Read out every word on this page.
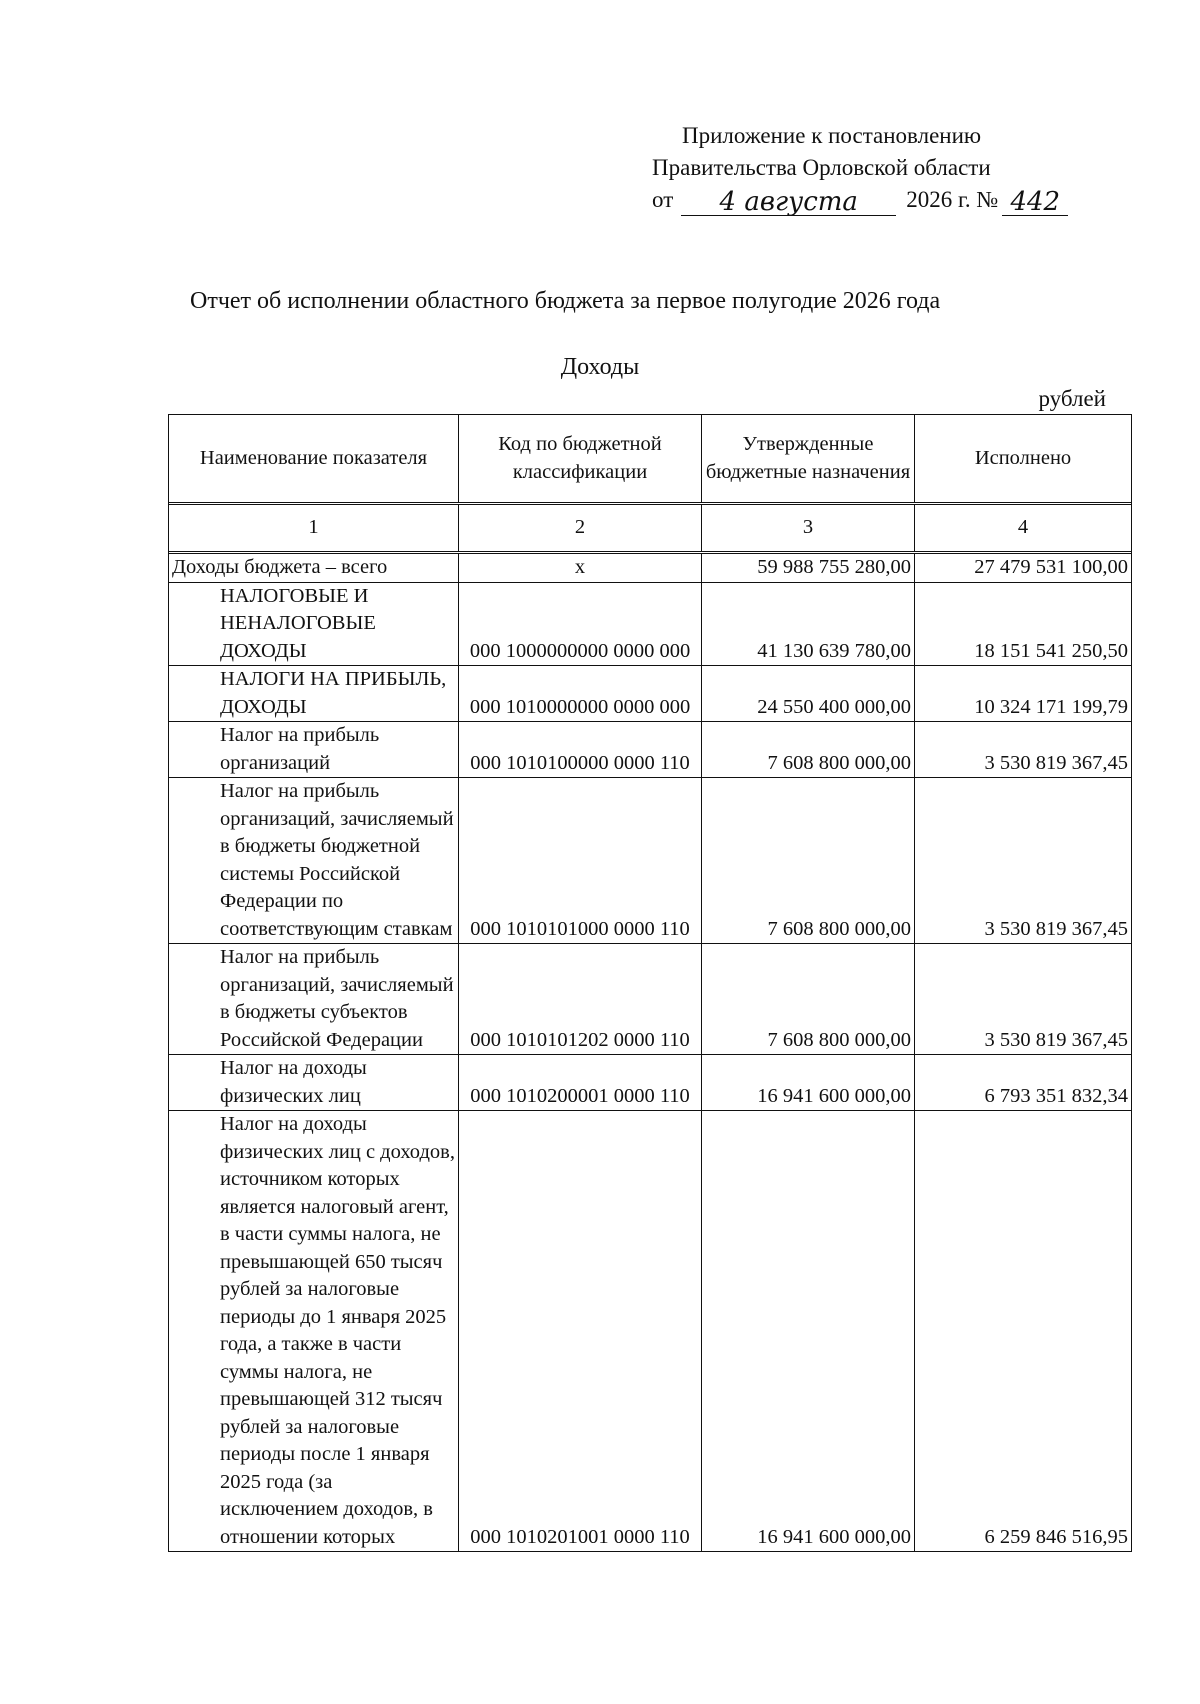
Приложение к постановлению
Правительства Орловской области
от	4 августа	2026 г. № 442
Отчет об исполнении областного бюджета за первое полугодие 2026 года
Доходы
рублей
Наименование показателя	Код по бюджетной классификации	Утвержденные бюджетные назначения	Исполнено

1	2	3	4

Доходы бюджета – всего	x	59 988 755 280,00	27 479 531 100,00

НАЛОГОВЫЕ И НЕНАЛОГОВЫЕ ДОХОДЫ	000 1000000000 0000 000	41 130 639 780,00	18 151 541 250,50

НАЛОГИ НА ПРИБЫЛЬ, ДОХОДЫ	000 1010000000 0000 000	24 550 400 000,00	10 324 171 199,79

Налог на прибыль организаций	000 1010100000 0000 110	7 608 800 000,00	3 530 819 367,45

Налог на прибыль организаций, зачисляемый в бюджеты бюджетной системы Российской Федерации по соответствующим ставкам	000 1010101000 0000 110	7 608 800 000,00	3 530 819 367,45

Налог на прибыль организаций, зачисляемый в бюджеты субъектов Российской Федерации	000 1010101202 0000 110	7 608 800 000,00	3 530 819 367,45

Налог на доходы физических лиц	000 1010200001 0000 110	16 941 600 000,00	6 793 351 832,34

Налог на доходы физических лиц с доходов, источником которых является налоговый агент, в части суммы налога, не превышающей 650 тысяч рублей за налоговые периоды до 1 января 2025 года, а также в части суммы налога, не превышающей 312 тысяч рублей за налоговые периоды после 1 января 2025 года (за исключением доходов, в отношении которых	000 1010201001 0000 110	16 941 600 000,00	6 259 846 516,95
